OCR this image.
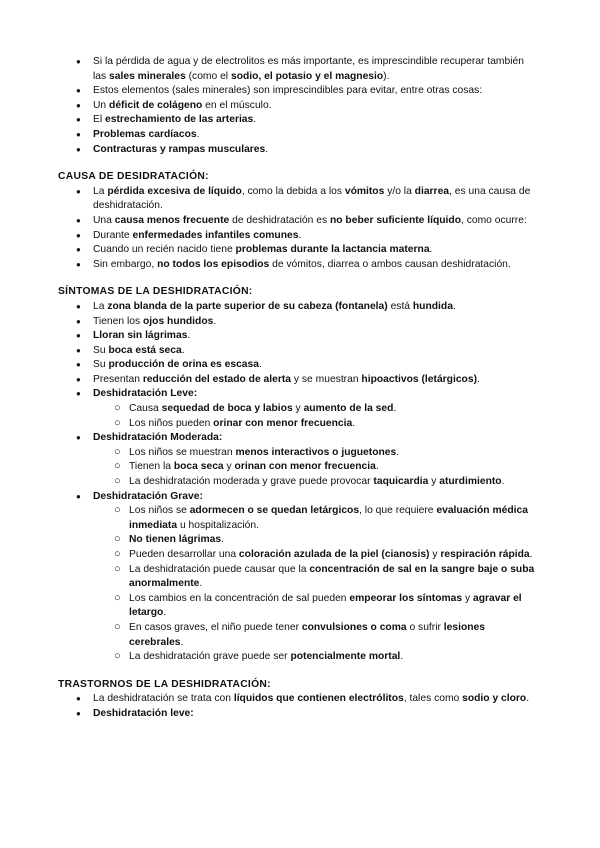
● Si la pérdida de agua y de electrolitos es más importante, es imprescindible recuperar también las sales minerales (como el sodio, el potasio y el magnesio).
● Estos elementos (sales minerales) son imprescindibles para evitar, entre otras cosas:
● Un déficit de colágeno en el músculo.
● El estrechamiento de las arterias.
● Problemas cardíacos.
● Contracturas y rampas musculares.
CAUSA DE DESIDRATACIÓN:
● La pérdida excesiva de líquido, como la debida a los vómitos y/o la diarrea, es una causa de deshidratación.
● Una causa menos frecuente de deshidratación es no beber suficiente líquido, como ocurre:
● Durante enfermedades infantiles comunes.
● Cuando un recién nacido tiene problemas durante la lactancia materna.
● Sin embargo, no todos los episodios de vómitos, diarrea o ambos causan deshidratación.
SÍNTOMAS DE LA DESHIDRATACIÓN:
● La zona blanda de la parte superior de su cabeza (fontanela) está hundida.
● Tienen los ojos hundidos.
● Lloran sin lágrimas.
● Su boca está seca.
● Su producción de orina es escasa.
● Presentan reducción del estado de alerta y se muestran hipoactivos (letárgicos).
● Deshidratación Leve:
○ Causa sequedad de boca y labios y aumento de la sed.
○ Los niños pueden orinar con menor frecuencia.
● Deshidratación Moderada:
○ Los niños se muestran menos interactivos o juguetones.
○ Tienen la boca seca y orinan con menor frecuencia.
○ La deshidratación moderada y grave puede provocar taquicardia y aturdimiento.
● Deshidratación Grave:
○ Los niños se adormecen o se quedan letárgicos, lo que requiere evaluación médica inmediata u hospitalización.
○ No tienen lágrimas.
○ Pueden desarrollar una coloración azulada de la piel (cianosis) y respiración rápida.
○ La deshidratación puede causar que la concentración de sal en la sangre baje o suba anormalmente.
○ Los cambios en la concentración de sal pueden empeorar los síntomas y agravar el letargo.
○ En casos graves, el niño puede tener convulsiones o coma o sufrir lesiones cerebrales.
○ La deshidratación grave puede ser potencialmente mortal.
TRASTORNOS DE LA DESHIDRATACIÓN:
● La deshidratación se trata con líquidos que contienen electrólitos, tales como sodio y cloro.
● Deshidratación leve:
